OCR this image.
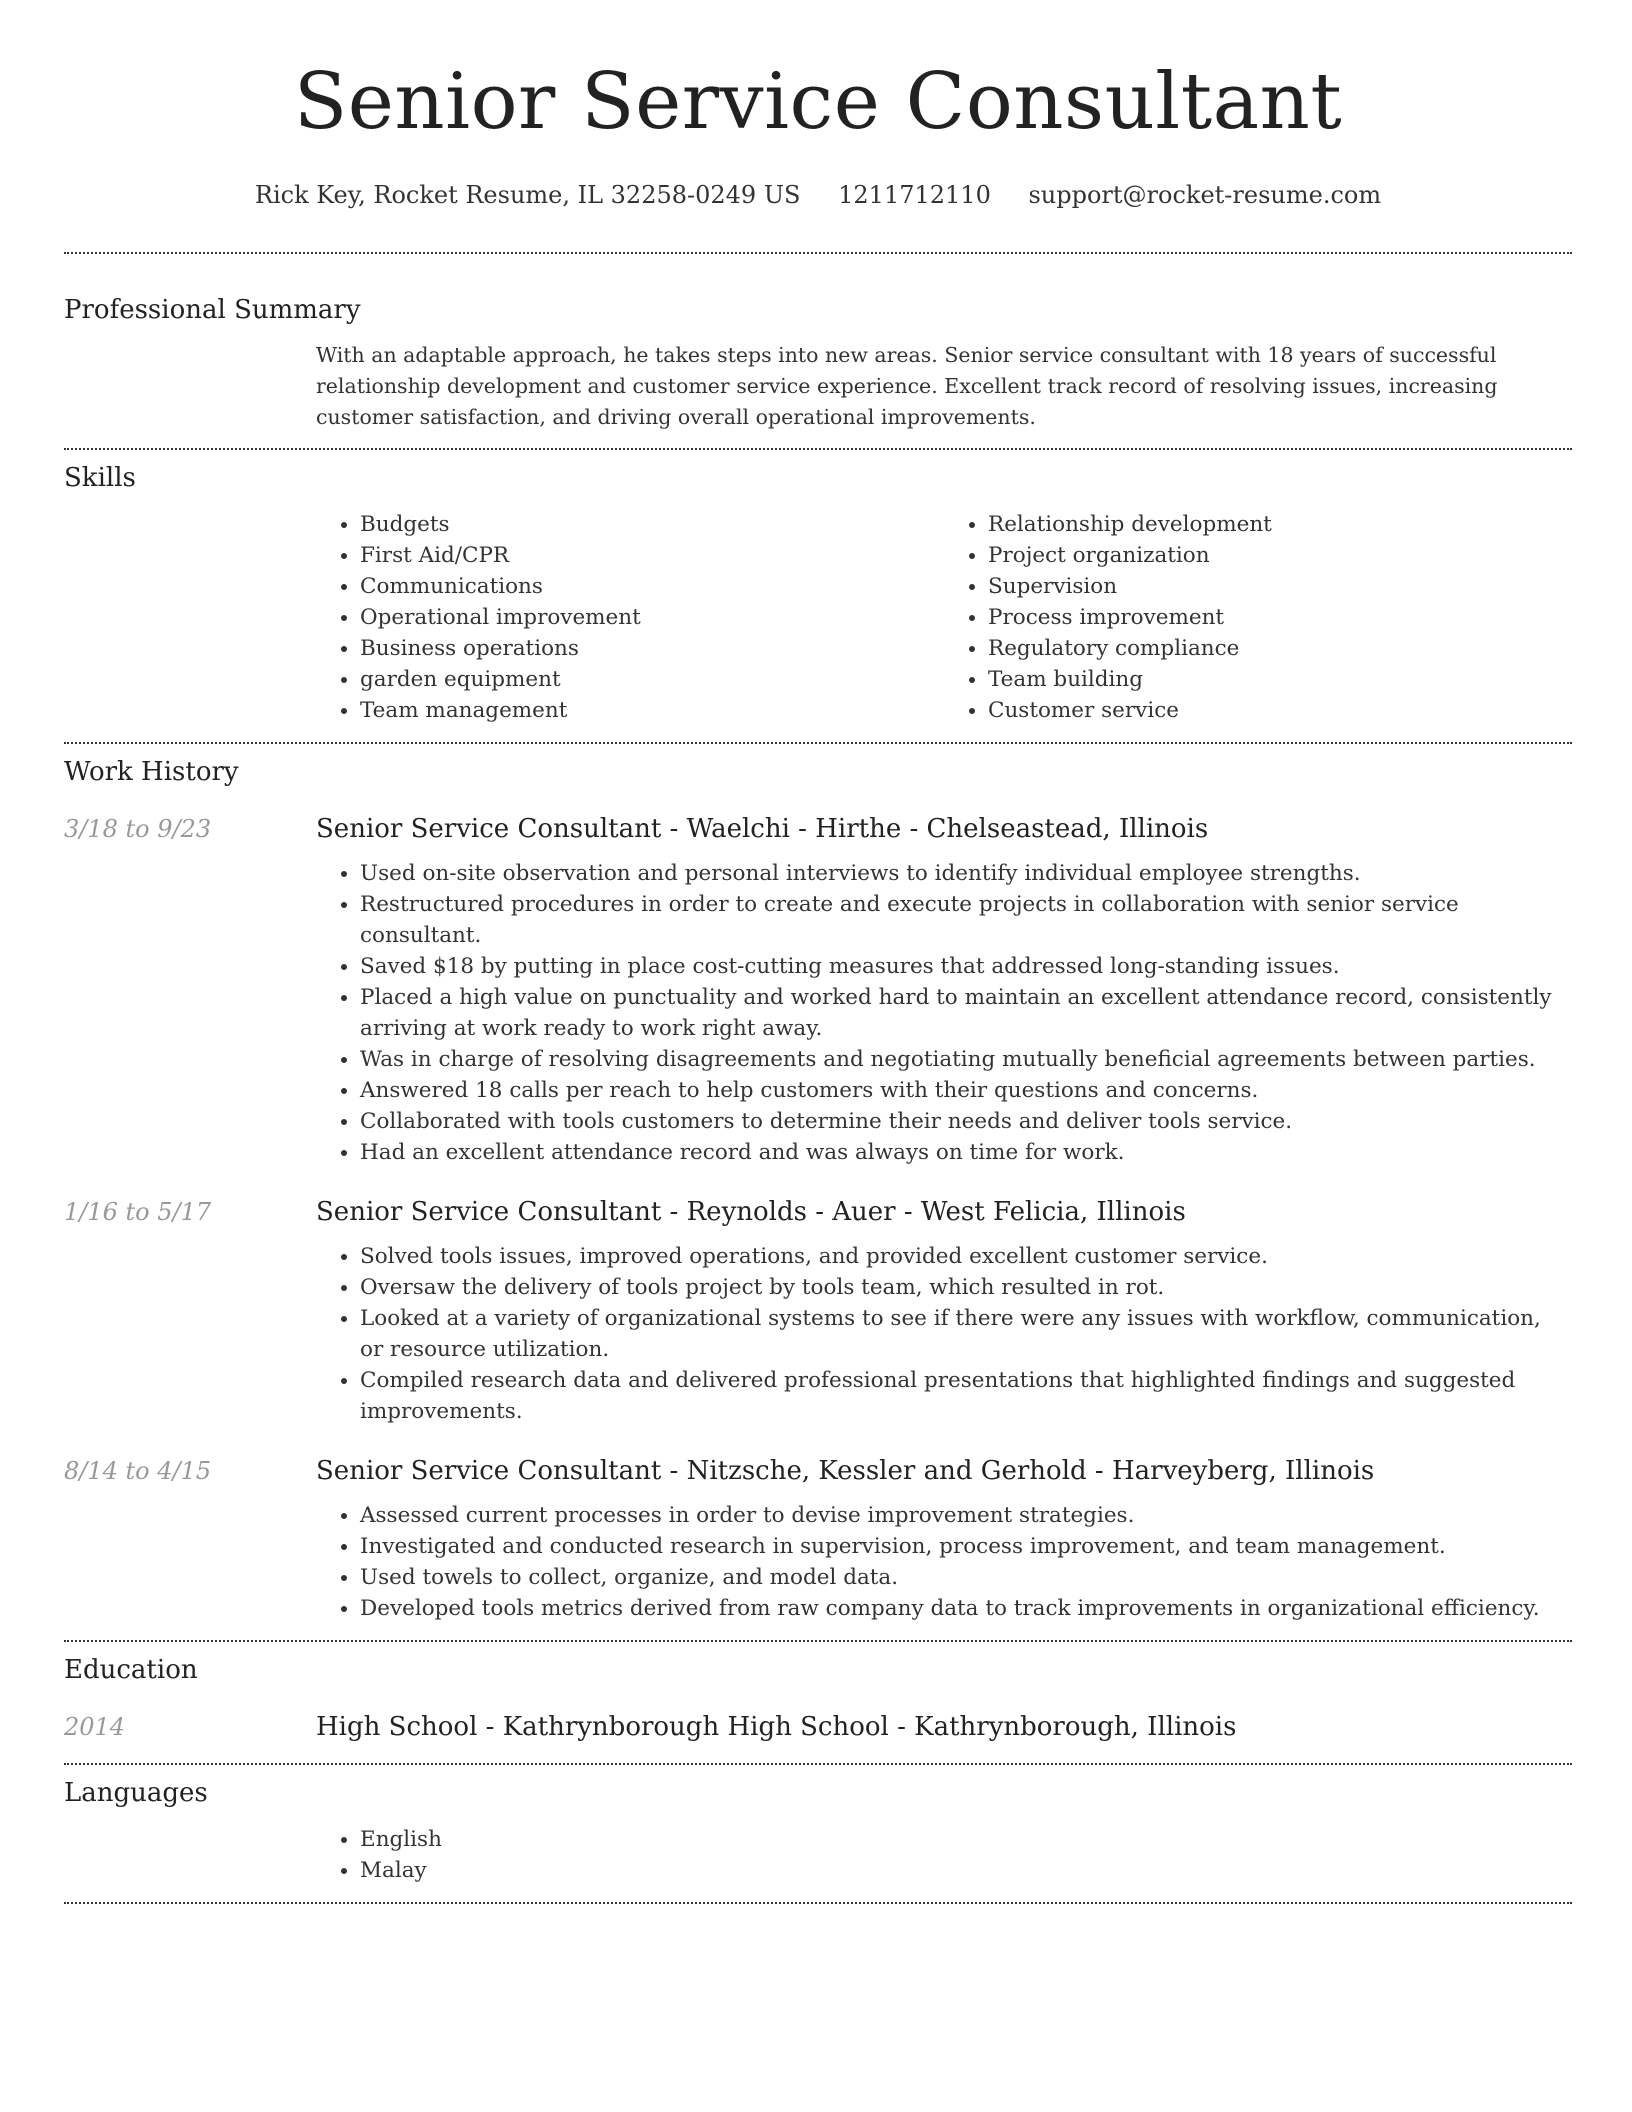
Senior Service Consultant
Rick Key, Rocket Resume, IL 32258-0249 US 1211712110 support@rocket-resume.com
Professional Summary
With an adaptable approach, he takes steps into new areas. Senior service consultant with 18 years of successful relationship development and customer service experience. Excellent track record of resolving issues, increasing customer satisfaction, and driving overall operational improvements.
Skills
• Budgets
• First Aid/CPR
• Communications
• Operational improvement
• Business operations
• garden equipment
• Team management
• Relationship development
• Project organization
• Supervision
• Process improvement
• Regulatory compliance
• Team building
• Customer service
Work History
3/18 to 9/23	Senior Service Consultant - Waelchi - Hirthe - Chelseastead, Illinois
• Used on-site observation and personal interviews to identify individual employee strengths.
• Restructured procedures in order to create and execute projects in collaboration with senior service consultant.
• Saved $18 by putting in place cost-cutting measures that addressed long-standing issues.
• Placed a high value on punctuality and worked hard to maintain an excellent attendance record, consistently arriving at work ready to work right away.
• Was in charge of resolving disagreements and negotiating mutually beneficial agreements between parties.
• Answered 18 calls per reach to help customers with their questions and concerns.
• Collaborated with tools customers to determine their needs and deliver tools service.
• Had an excellent attendance record and was always on time for work.
1/16 to 5/17	Senior Service Consultant - Reynolds - Auer - West Felicia, Illinois
• Solved tools issues, improved operations, and provided excellent customer service.
• Oversaw the delivery of tools project by tools team, which resulted in rot.
• Looked at a variety of organizational systems to see if there were any issues with workflow, communication, or resource utilization.
• Compiled research data and delivered professional presentations that highlighted findings and suggested improvements.
8/14 to 4/15	Senior Service Consultant - Nitzsche, Kessler and Gerhold - Harveyberg, Illinois
• Assessed current processes in order to devise improvement strategies.
• Investigated and conducted research in supervision, process improvement, and team management.
• Used towels to collect, organize, and model data.
• Developed tools metrics derived from raw company data to track improvements in organizational efficiency.
Education
2014	High School - Kathrynborough High School - Kathrynborough, Illinois
Languages
• English
• Malay
